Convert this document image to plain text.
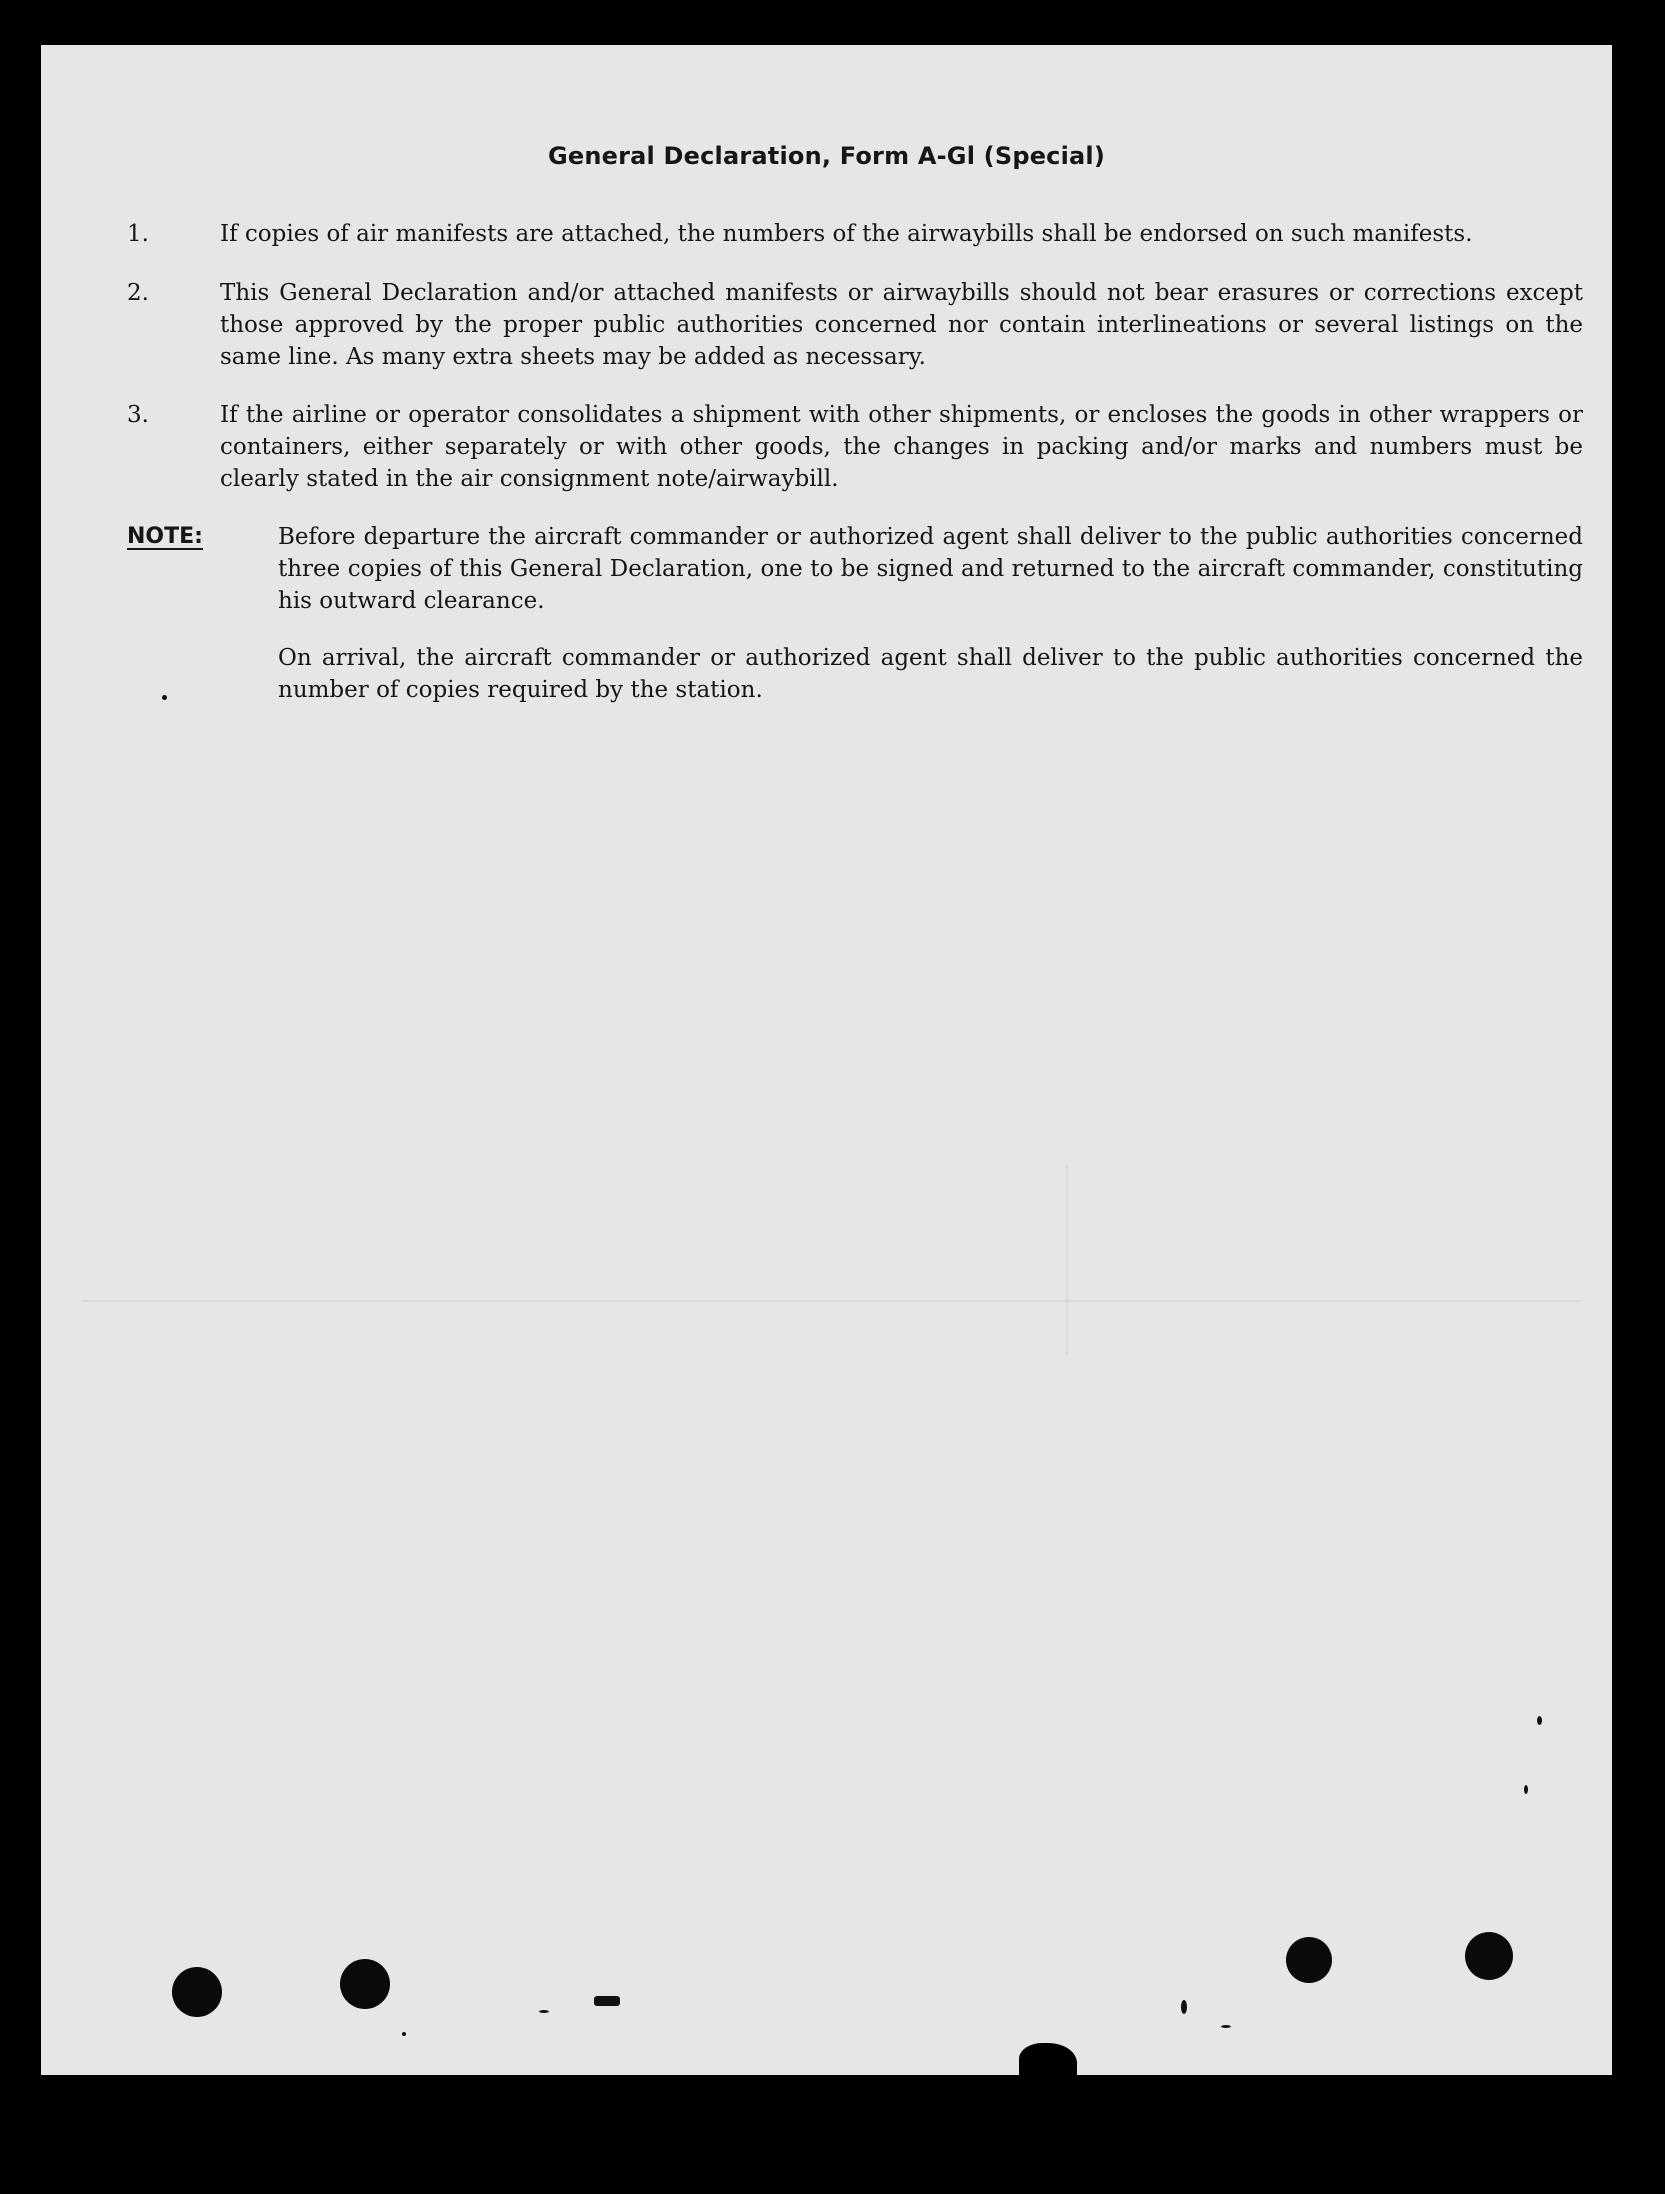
General Declaration, Form A-Gl (Special)
1.	If copies of air manifests are attached, the numbers of the airwaybills shall be endorsed on such manifests.
2.	This General Declaration and/or attached manifests or airwaybills should not bear erasures or corrections except those approved by the proper public authorities concerned nor contain interlineations or several listings on the same line. As many extra sheets may be added as necessary.
3.	If the airline or operator consolidates a shipment with other shipments, or encloses the goods in other wrappers or containers, either separately or with other goods, the changes in packing and/or marks and numbers must be clearly stated in the air consignment note/airwaybill.
NOTE:	Before departure the aircraft commander or authorized agent shall deliver to the public authorities concerned three copies of this General Declaration, one to be signed and returned to the aircraft commander, constituting his outward clearance.
On arrival, the aircraft commander or authorized agent shall deliver to the public authorities concerned the number of copies required by the station.
